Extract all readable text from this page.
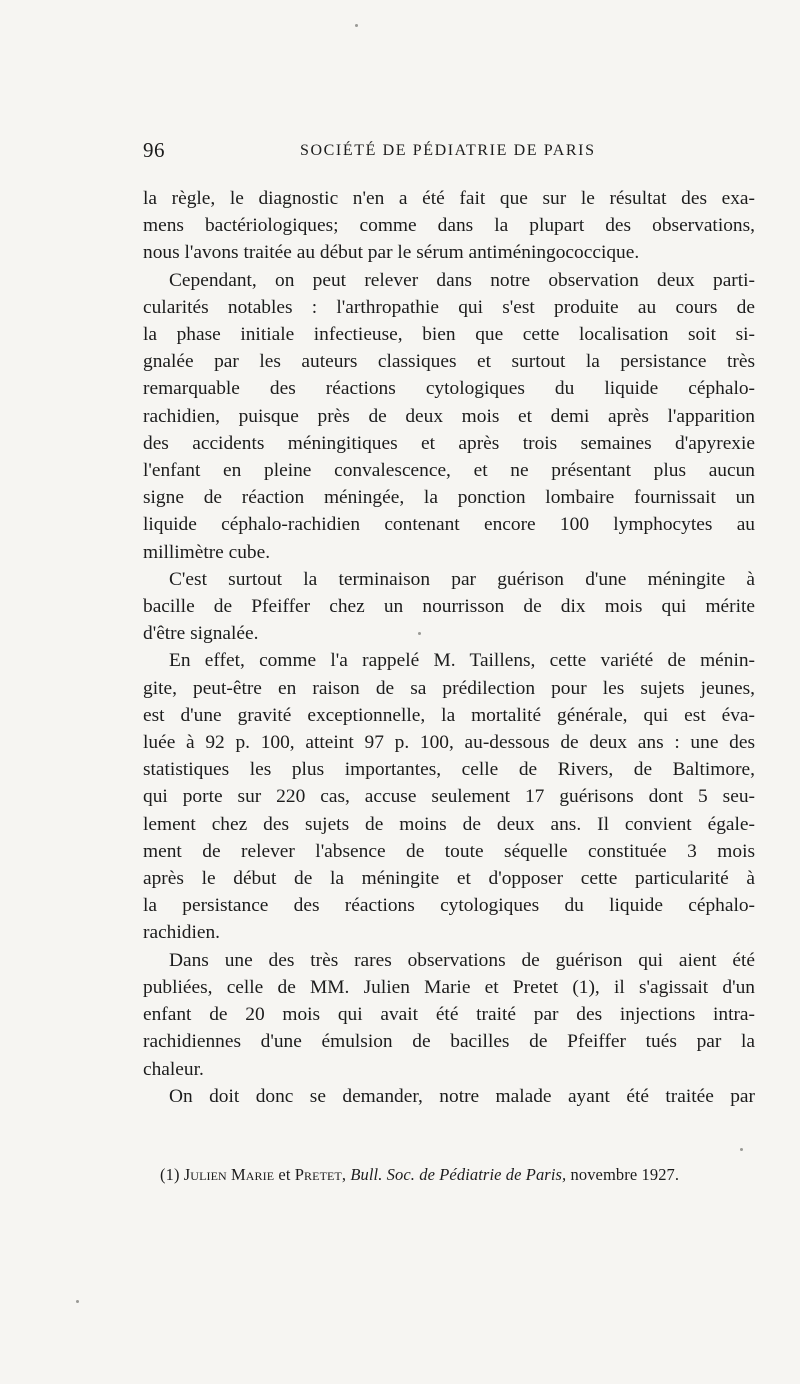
96	SOCIÉTÉ DE PÉDIATRIE DE PARIS

la règle, le diagnostic n'en a été fait que sur le résultat des exa-

mens bactériologiques; comme dans la plupart des observations,

nous l'avons traitée au début par le sérum antiméningococcique.

Cependant, on peut relever dans notre observation deux parti-

cularités notables : l'arthropathie qui s'est produite au cours de

la phase initiale infectieuse, bien que cette localisation soit si-

gnalée par les auteurs classiques et surtout la persistance très

remarquable des réactions cytologiques du liquide céphalo-

rachidien, puisque près de deux mois et demi après l'apparition

des accidents méningitiques et après trois semaines d'apyrexie

l'enfant en pleine convalescence, et ne présentant plus aucun

signe de réaction méningée, la ponction lombaire fournissait un

liquide céphalo-rachidien contenant encore 100 lymphocytes au

millimètre cube.

C'est surtout la terminaison par guérison d'une méningite à

bacille de Pfeiffer chez un nourrisson de dix mois qui mérite

d'être signalée.

En effet, comme l'a rappelé M. Taillens, cette variété de ménin-

gite, peut-être en raison de sa prédilection pour les sujets jeunes,

est d'une gravité exceptionnelle, la mortalité générale, qui est éva-

luée à 92 p. 100, atteint 97 p. 100, au-dessous de deux ans : une des

statistiques les plus importantes, celle de Rivers, de Baltimore,

qui porte sur 220 cas, accuse seulement 17 guérisons dont 5 seu-

lement chez des sujets de moins de deux ans. Il convient égale-

ment de relever l'absence de toute séquelle constituée 3 mois

après le début de la méningite et d'opposer cette particularité à

la persistance des réactions cytologiques du liquide céphalo-

rachidien.

Dans une des très rares observations de guérison qui aient été

publiées, celle de MM. Julien Marie et Pretet (1), il s'agissait d'un

enfant de 20 mois qui avait été traité par des injections intra-

rachidiennes d'une émulsion de bacilles de Pfeiffer tués par la

chaleur.

On doit donc se demander, notre malade ayant été traitée par

(1) Julien Marie et Pretet, Bull. Soc. de Pédiatrie de Paris, novembre 1927.
